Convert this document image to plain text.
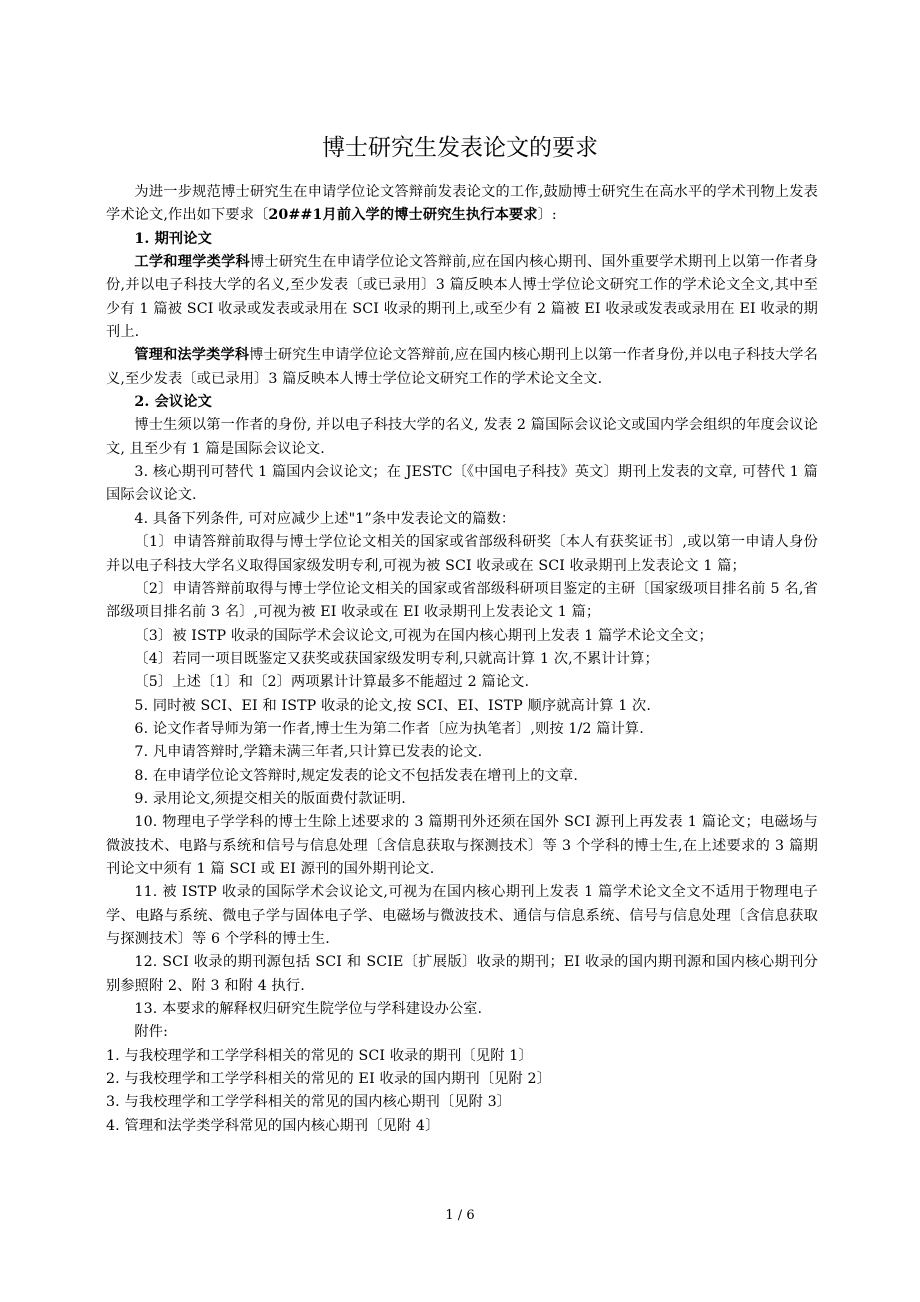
博士研究生发表论文的要求

为进一步规范博士研究生在申请学位论文答辩前发表论文的工作,鼓励博士研究生在高水平的学术刊物上发表学术论文,作出如下要求〔20##1月前入学的博士研究生执行本要求〕:

1. 期刊论文

工学和理学类学科博士研究生在申请学位论文答辩前,应在国内核心期刊、国外重要学术期刊上以第一作者身份,并以电子科技大学的名义,至少发表〔或已录用〕3 篇反映本人博士学位论文研究工作的学术论文全文,其中至少有 1 篇被 SCI 收录或发表或录用在 SCI 收录的期刊上,或至少有 2 篇被 EI 收录或发表或录用在 EI 收录的期刊上.

管理和法学类学科博士研究生申请学位论文答辩前,应在国内核心期刊上以第一作者身份,并以电子科技大学名义,至少发表〔或已录用〕3 篇反映本人博士学位论文研究工作的学术论文全文.

2. 会议论文

博士生须以第一作者的身份, 并以电子科技大学的名义, 发表 2 篇国际会议论文或国内学会组织的年度会议论文, 且至少有 1 篇是国际会议论文.

3. 核心期刊可替代 1 篇国内会议论文；在 JESTC〔《中国电子科技》英文〕期刊上发表的文章, 可替代 1 篇国际会议论文.

4. 具备下列条件, 可对应减少上述"1”条中发表论文的篇数：

〔1〕申请答辩前取得与博士学位论文相关的国家或省部级科研奖〔本人有获奖证书〕,或以第一申请人身份并以电子科技大学名义取得国家级发明专利,可视为被 SCI 收录或在 SCI 收录期刊上发表论文 1 篇；

〔2〕申请答辩前取得与博士学位论文相关的国家或省部级科研项目鉴定的主研〔国家级项目排名前 5 名,省部级项目排名前 3 名〕,可视为被 EI 收录或在 EI 收录期刊上发表论文 1 篇；

〔3〕被 ISTP 收录的国际学术会议论文,可视为在国内核心期刊上发表 1 篇学术论文全文；

〔4〕若同一项目既鉴定又获奖或获国家级发明专利,只就高计算 1 次,不累计计算；

〔5〕上述〔1〕和〔2〕两项累计计算最多不能超过 2 篇论文.

5. 同时被 SCI、EI 和 ISTP 收录的论文,按 SCI、EI、ISTP 顺序就高计算 1 次.

6. 论文作者导师为第一作者,博士生为第二作者〔应为执笔者〕,则按 1/2 篇计算.

7. 凡申请答辩时,学籍未满三年者,只计算已发表的论文.

8. 在申请学位论文答辩时,规定发表的论文不包括发表在增刊上的文章.

9. 录用论文,须提交相关的版面费付款证明.

10. 物理电子学学科的博士生除上述要求的 3 篇期刊外还须在国外 SCI 源刊上再发表 1 篇论文；电磁场与微波技术、电路与系统和信号与信息处理〔含信息获取与探测技术〕等 3 个学科的博士生,在上述要求的 3 篇期刊论文中须有 1 篇 SCI 或 EI 源刊的国外期刊论文.

11. 被 ISTP 收录的国际学术会议论文,可视为在国内核心期刊上发表 1 篇学术论文全文不适用于物理电子学、电路与系统、微电子学与固体电子学、电磁场与微波技术、通信与信息系统、信号与信息处理〔含信息获取与探测技术〕等 6 个学科的博士生.

12. SCI 收录的期刊源包括 SCI 和 SCIE〔扩展版〕收录的期刊；EI 收录的国内期刊源和国内核心期刊分别参照附 2、附 3 和附 4 执行.

13. 本要求的解释权归研究生院学位与学科建设办公室.

附件:

1. 与我校理学和工学学科相关的常见的 SCI 收录的期刊〔见附 1〕

2. 与我校理学和工学学科相关的常见的 EI 收录的国内期刊〔见附 2〕

3. 与我校理学和工学学科相关的常见的国内核心期刊〔见附 3〕

4. 管理和法学类学科常见的国内核心期刊〔见附 4〕

1 / 6
